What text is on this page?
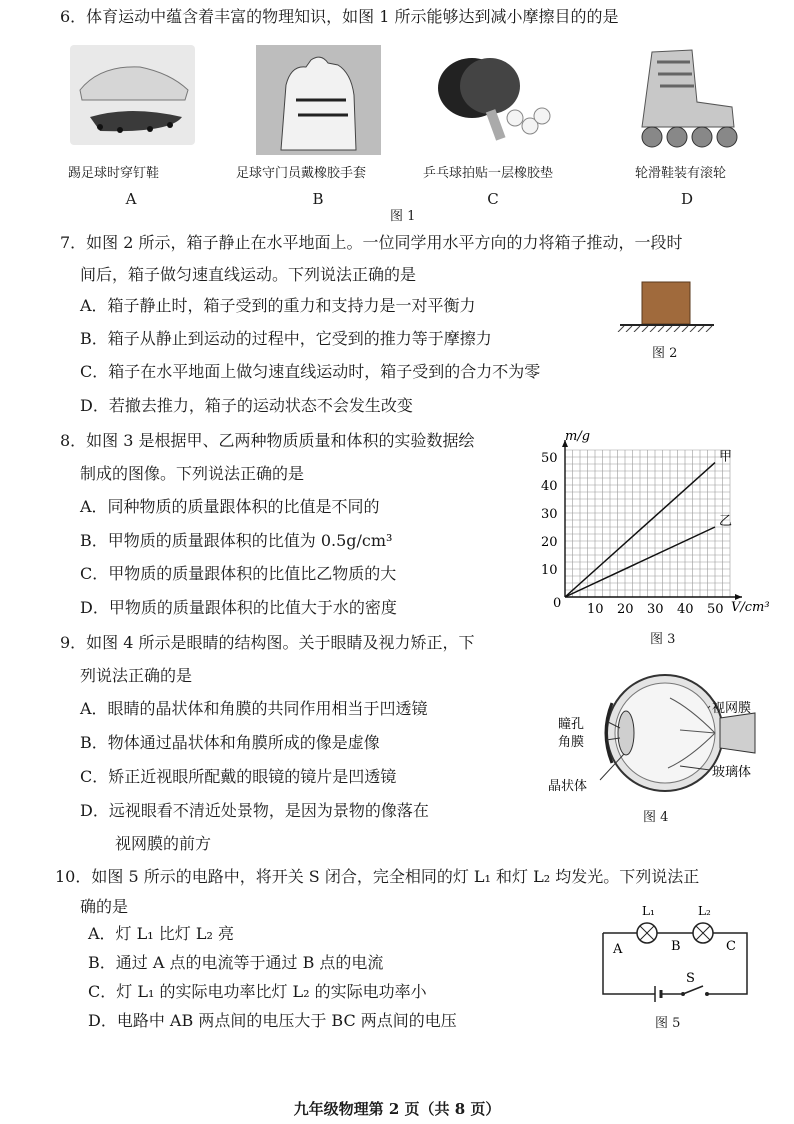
6．体育运动中蕴含着丰富的物理知识，如图 1 所示能够达到减小摩擦目的的是
踢足球时穿钉鞋	足球守门员戴橡胶手套	乒乓球拍贴一层橡胶垫	轮滑鞋装有滚轮
A	B	C	D
图 1
7．如图 2 所示，箱子静止在水平地面上。一位同学用水平方向的力将箱子推动，一段时
间后，箱子做匀速直线运动。下列说法正确的是
A．箱子静止时，箱子受到的重力和支持力是一对平衡力
B．箱子从静止到运动的过程中，它受到的推力等于摩擦力
C．箱子在水平地面上做匀速直线运动时，箱子受到的合力不为零
D．若撤去推力，箱子的运动状态不会发生改变
图 2
8．如图 3 是根据甲、乙两种物质质量和体积的实验数据绘
制成的图像。下列说法正确的是
A．同种物质的质量跟体积的比值是不同的
B．甲物质的质量跟体积的比值为 0.5g/cm³
C．甲物质的质量跟体积的比值比乙物质的大
D．甲物质的质量跟体积的比值大于水的密度	10 20 30 40 50
10
20
30
40
50	甲
乙
m/g
V/cm³
0
图 3
9．如图 4 所示是眼睛的结构图。关于眼睛及视力矫正，下
列说法正确的是
A．眼睛的晶状体和角膜的共同作用相当于凹透镜
B．物体通过晶状体和角膜所成的像是虚像
C．矫正近视眼所配戴的眼镜的镜片是凹透镜
D．远视眼看不清近处景物，是因为景物的像落在
视网膜的前方
视网膜
瞳孔
角膜
玻璃体
晶状体
图 4
10．如图 5 所示的电路中，将开关 S 闭合，完全相同的灯 L₁ 和灯 L₂ 均发光。下列说法正
确的是
A．灯 L₁ 比灯 L₂ 亮
B．通过 A 点的电流等于通过 B 点的电流
C．灯 L₁ 的实际电功率比灯 L₂ 的实际电功率小
D．电路中 AB 两点间的电压大于 BC 两点间的电压
L₁	L₂
A	B	C
S
图 5
九年级物理第 2 页（共 8 页）
